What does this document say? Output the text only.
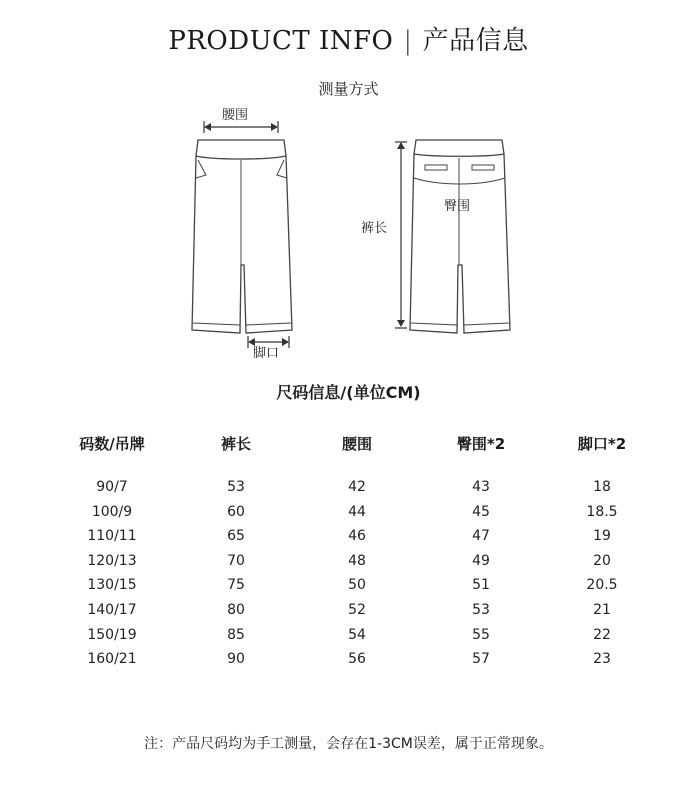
PRODUCT INFO | 产品信息
测量方式
腰围
脚口
裤长
臀围
尺码信息/(单位CM)
码数/吊牌	裤长	腰围	臀围*2	脚口*2
90/7	53	42	43	18
100/9	60	44	45	18.5
110/11	65	46	47	19
120/13	70	48	49	20
130/15	75	50	51	20.5
140/17	80	52	53	21
150/19	85	54	55	22
160/21	90	56	57	23
注：产品尺码均为手工测量，会存在1-3CM误差，属于正常现象。
